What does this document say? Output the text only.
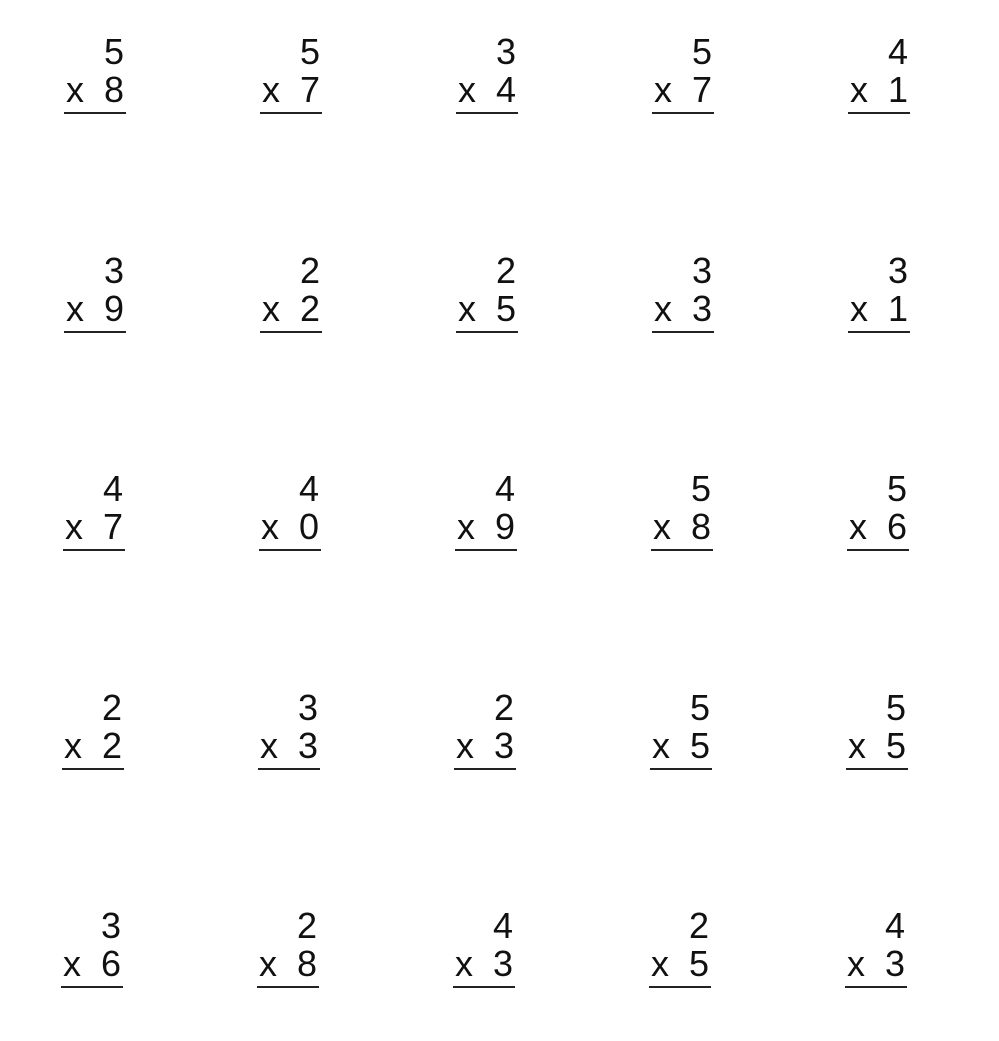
5
x 8
5
x 7
3
x 4
5
x 7
4
x 1
3
x 9
2
x 2
2
x 5
3
x 3
3
x 1
4
x 7
4
x 0
4
x 9
5
x 8
5
x 6
2
x 2
3
x 3
2
x 3
5
x 5
5
x 5
3
x 6
2
x 8
4
x 3
2
x 5
4
x 3
